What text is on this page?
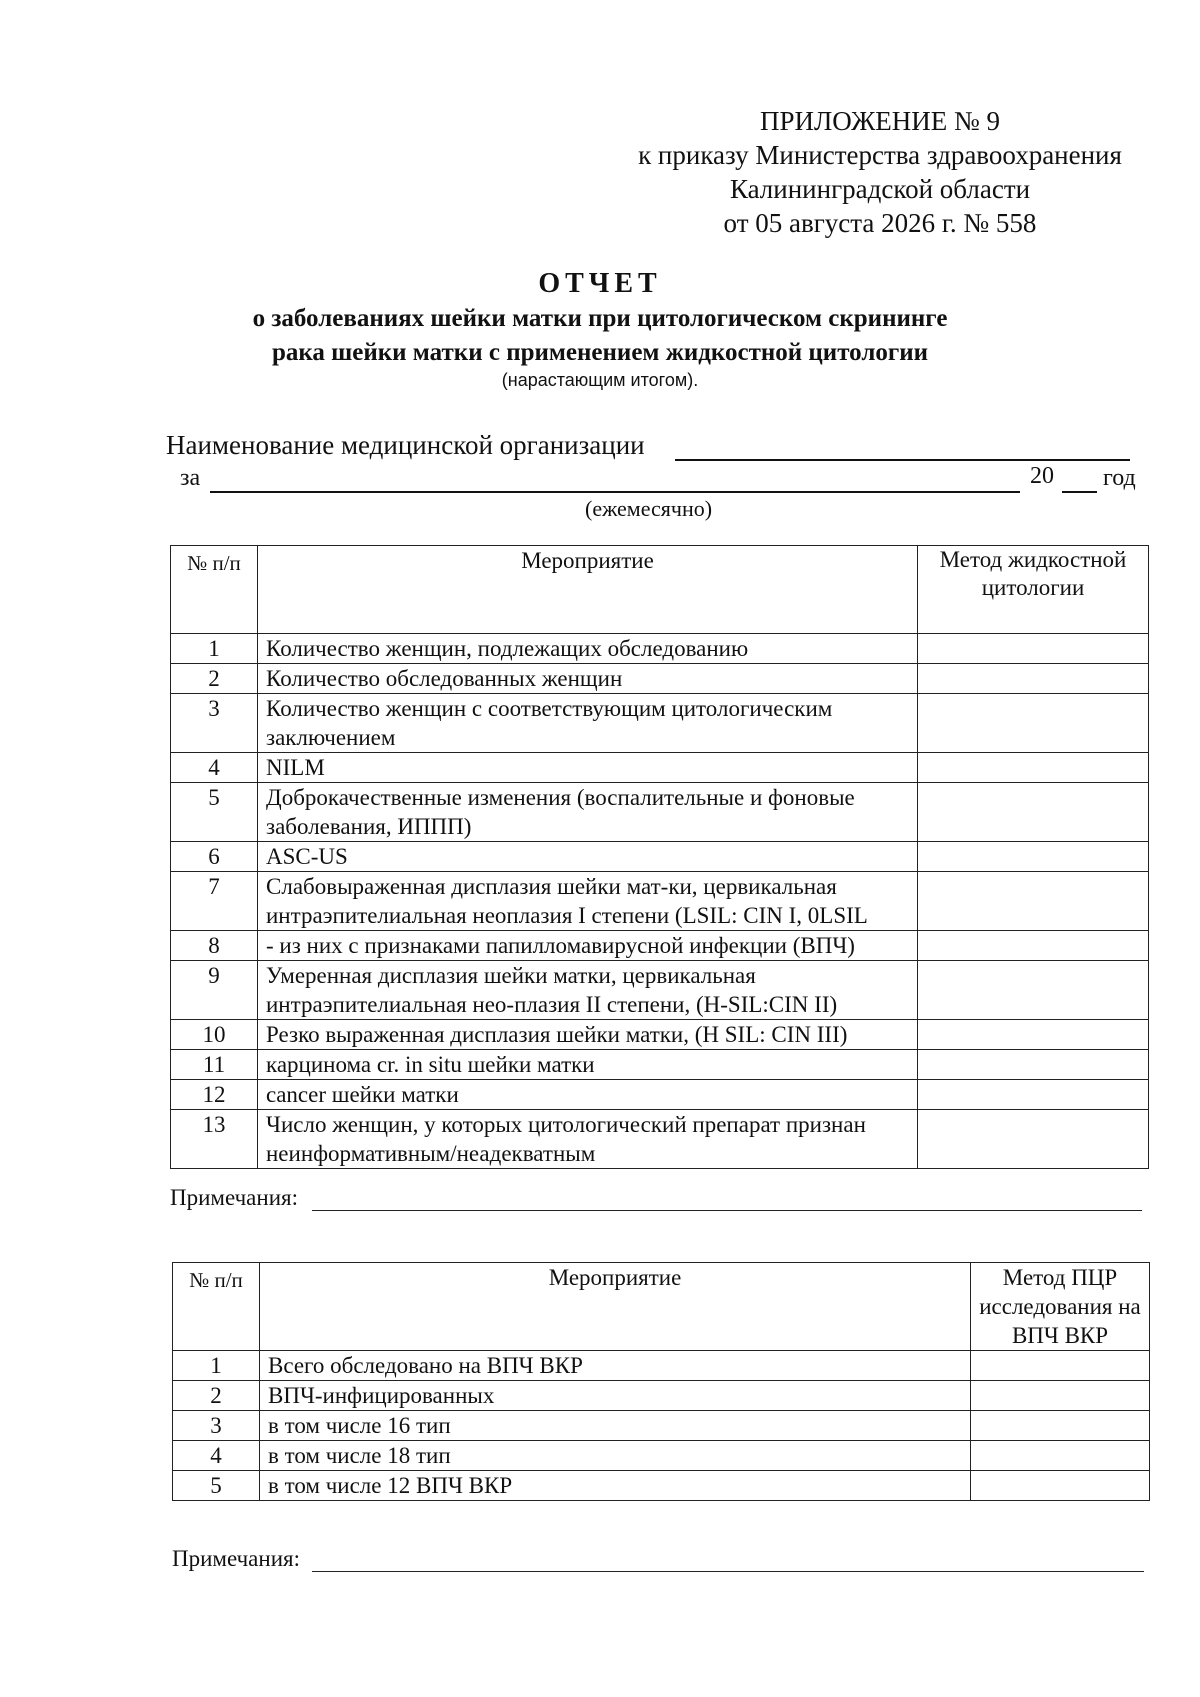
ПРИЛОЖЕНИЕ № 9
к приказу Министерства здравоохранения
Калининградской области
от 05 августа 2026 г. № 558
ОТЧЕТ
о заболеваниях шейки матки при цитологическом скрининге
рака шейки матки с применением жидкостной цитологии
(нарастающим итогом).
Наименование медицинской организации
за	20 год
(ежемесячно)
№ п/п	Мероприятие	Метод жидкостной цитологии
1	Количество женщин, подлежащих обследованию	
2	Количество обследованных женщин	
3	Количество женщин с соответствующим цитологическим заключением	
4	NILM	
5	Доброкачественные изменения (воспалительные и фоновые заболевания, ИППП)	
6	ASC-US	
7	Слабовыраженная дисплазия шейки мат-ки, цервикальная интраэпителиальная неоплазия I степени (LSIL: CIN I, 0LSIL	
8	- из них с признаками папилломавирусной инфекции (ВПЧ)	
9	Умеренная дисплазия шейки матки, цервикальная интраэпителиальная нео-плазия II степени, (H-SIL:CIN II)	
10	Резко выраженная дисплазия шейки матки, (H SIL: CIN III)	
11	карцинома cr. in situ шейки матки	
12	cancer шейки матки	
13	Число женщин, у которых цитологический препарат признан неинформативным/неадекватным	
Примечания:
№ п/п	Мероприятие	Метод ПЦР исследования на ВПЧ ВКР
1	Всего обследовано на ВПЧ ВКР	
2	ВПЧ-инфицированных	
3	в том числе 16 тип	
4	в том числе 18 тип	
5	в том числе 12 ВПЧ ВКР	
Примечания:
